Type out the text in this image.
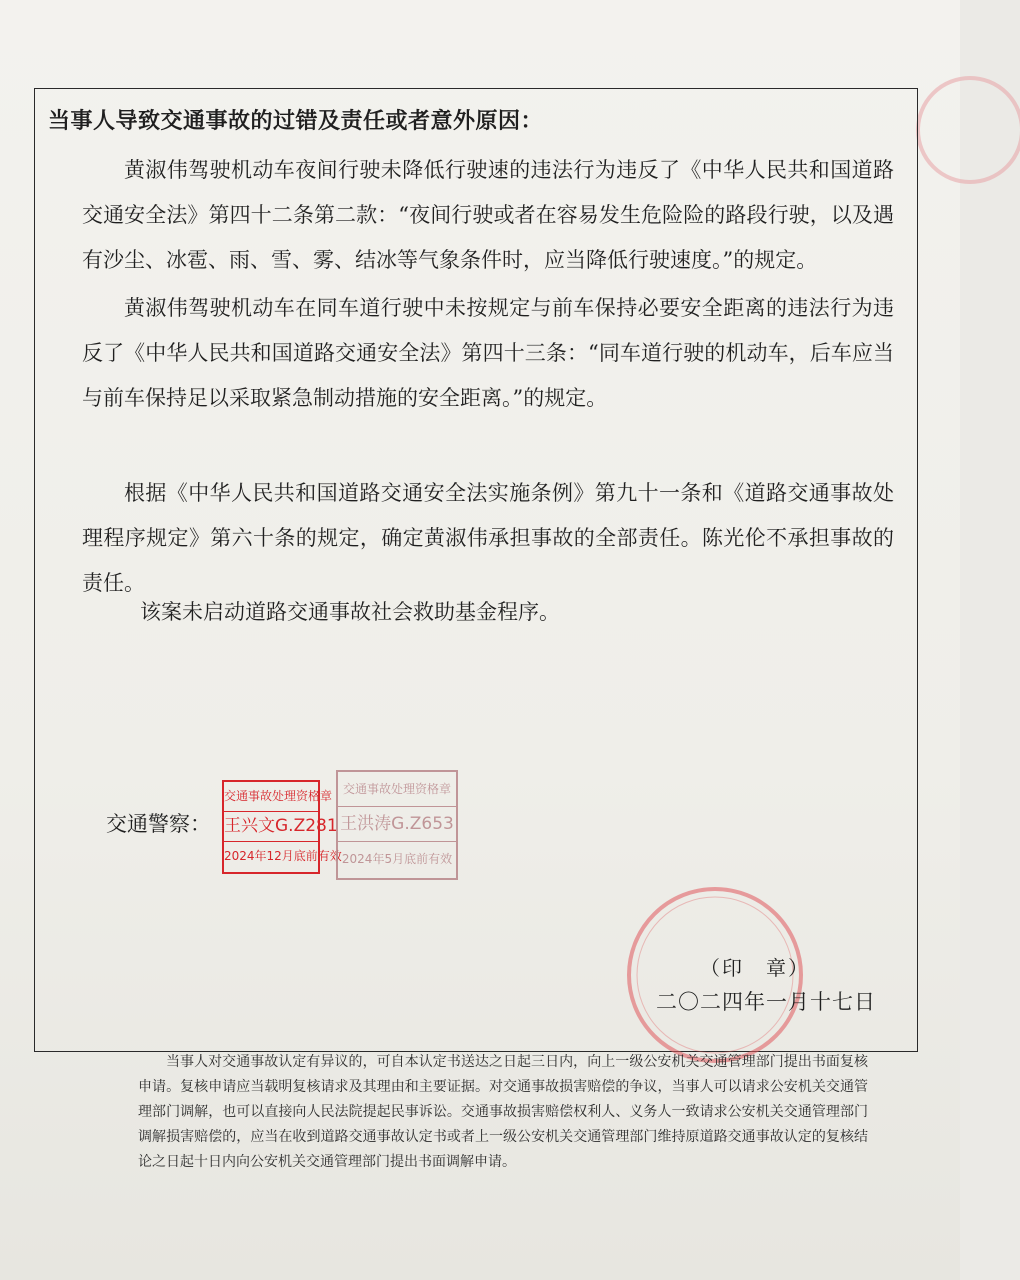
当事人导致交通事故的过错及责任或者意外原因：

黄淑伟驾驶机动车夜间行驶未降低行驶速的违法行为违反了《中华人民共和国道路交通安全法》第四十二条第二款：“夜间行驶或者在容易发生危险险的路段行驶，以及遇有沙尘、冰雹、雨、雪、雾、结冰等气象条件时，应当降低行驶速度。”的规定。

黄淑伟驾驶机动车在同车道行驶中未按规定与前车保持必要安全距离的违法行为违反了《中华人民共和国道路交通安全法》第四十三条：“同车道行驶的机动车，后车应当与前车保持足以采取紧急制动措施的安全距离。”的规定。

根据《中华人民共和国道路交通安全法实施条例》第九十一条和《道路交通事故处理程序规定》第六十条的规定，确定黄淑伟承担事故的全部责任。陈光伦不承担事故的责任。

该案未启动道路交通事故社会救助基金程序。

交通警察：
交通事故处理资格章
王兴文G.Z281
2024年12月底前有效
交通事故处理资格章
王洪涛G.Z653
2024年5月底前有效
（印　章）
二〇二四年一月十七日

当事人对交通事故认定有异议的，可自本认定书送达之日起三日内，向上一级公安机关交通管理部门提出书面复核申请。复核申请应当载明复核请求及其理由和主要证据。对交通事故损害赔偿的争议，当事人可以请求公安机关交通管理部门调解，也可以直接向人民法院提起民事诉讼。交通事故损害赔偿权利人、义务人一致请求公安机关交通管理部门调解损害赔偿的，应当在收到道路交通事故认定书或者上一级公安机关交通管理部门维持原道路交通事故认定的复核结论之日起十日内向公安机关交通管理部门提出书面调解申请。
